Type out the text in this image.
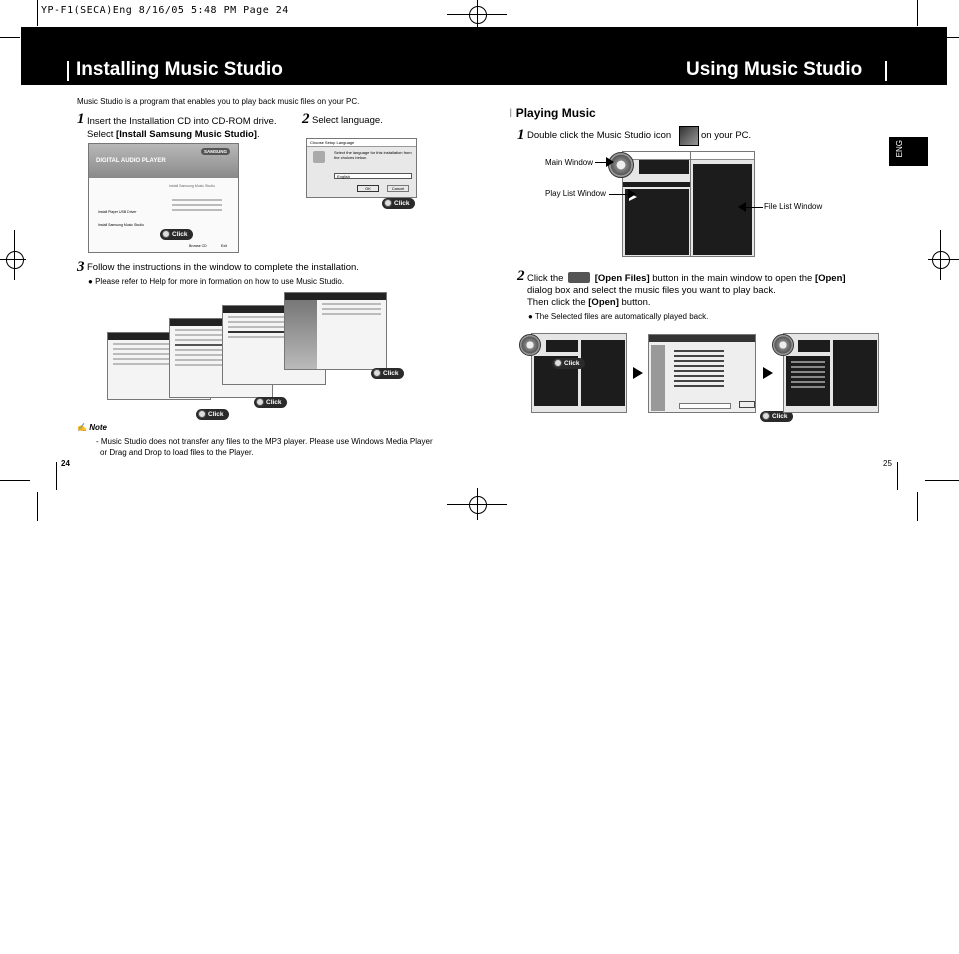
YP-F1(SECA)Eng 8/16/05 5:48 PM Page 24
Installing Music Studio	Using Music Studio
Music Studio is a program that enables you to play back music files on your PC.
1 Insert the Installation CD into CD-ROM drive.
Select [Install Samsung Music Studio].
2 Select language.
SAMSUNG
DIGITAL AUDIO PLAYER
Install Player USB Driver
Install Samsung Music Studio
Install Samsung Music Studio
Browse CD	Exit
Click
Choose Setup Language
Select the language for this installation from the choices below.
English
OK	Cancel
Click
3 Follow the instructions in the window to complete the installation.
● Please refer to Help for more in formation on how to use Music Studio.
Click
Click
Click
✍ Note
- Music Studio does not transfer any files to the MP3 player. Please use Windows Media Player
or Drag and Drop to load files to the Player.
24
I Playing Music
ENG
1 Double click the Music Studio icon	on your PC.
Main Window
Play List Window
File List Window
2 Click the	[Open Files] button in the main window to open the [Open]
dialog box and select the music files you want to play back.
Then click the [Open] button.
● The Selected files are automatically played back.
Click
Click
25
